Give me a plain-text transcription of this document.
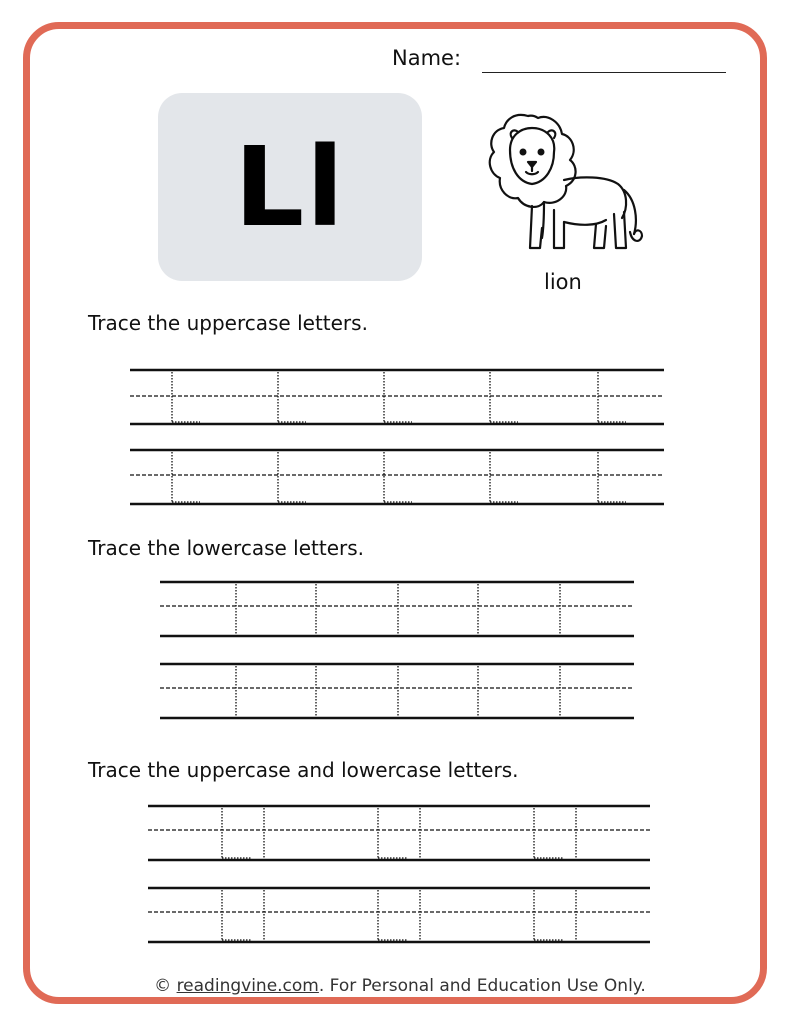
Name:
Ll
lion
Trace the uppercase letters.
Trace the lowercase letters.
Trace the uppercase and lowercase letters.
© readingvine.com. For Personal and Education Use Only.
